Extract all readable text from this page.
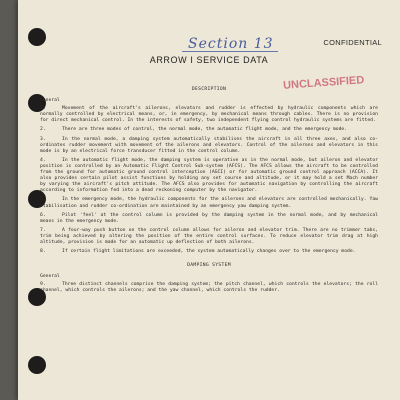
Section 13	CONFIDENTIAL
ARROW I SERVICE DATA
UNCLASSIFIED
DESCRIPTION
General

1.	Movement of the aircraft's ailerons, elevators and rudder is effected by hydraulic components which are normally controlled by electrical means, or, in emergency, by mechanical means through cables. There is no provision for direct mechanical control. In the interests of safety, two independent flying control hydraulic systems are fitted.

2.	There are three modes of control, the normal mode, the automatic flight mode, and the emergency mode.

3.	In the normal mode, a damping system automatically stabilises the aircraft in all three axes, and also co-ordinates rudder movement with movement of the ailerons and elevators. Control of the ailerons and elevators in this mode is by an electrical force transducer fitted in the control column.

4.	In the automatic flight mode, the damping system is operative as in the normal mode, but aileron and elevator position is controlled by an Automatic Flight Control Sub-system (AFCS). The AFCS allows the aircraft to be controlled from the ground for automatic ground control interception (AGCI) or for automatic ground control approach (ACCA). It also provides certain pilot assist functions by holding any set course and altitude, or it may hold a set Mach number by varying the aircraft's pitch attitude. The AFCS also provides for automatic navigation by controlling the aircraft according to information fed into a dead reckoning computer by the navigator.

5.	In the emergency mode, the hydraulic components for the ailerons and elevators are controlled mechanically. Yaw stabilisation and rudder co-ordination are maintained by an emergency yaw damping system.

6.	Pilot 'feel' at the control column is provided by the damping system in the normal mode, and by mechanical means in the emergency mode.

7.	A four-way push button on the control column allows for aileron and elevator trim. There are no trimmer tabs, trim being achieved by altering the position of the entire control surfaces. To reduce elevator trim drag at high altitude, provision is made for an automatic up deflection of both ailerons.

8.	If certain flight limitations are exceeded, the system automatically changes over to the emergency mode.

DAMPING SYSTEM
General

9.	Three distinct channels comprise the damping system; the pitch channel, which controls the elevators; the roll channel, which controls the ailerons; and the yaw channel, which controls the rudder.
